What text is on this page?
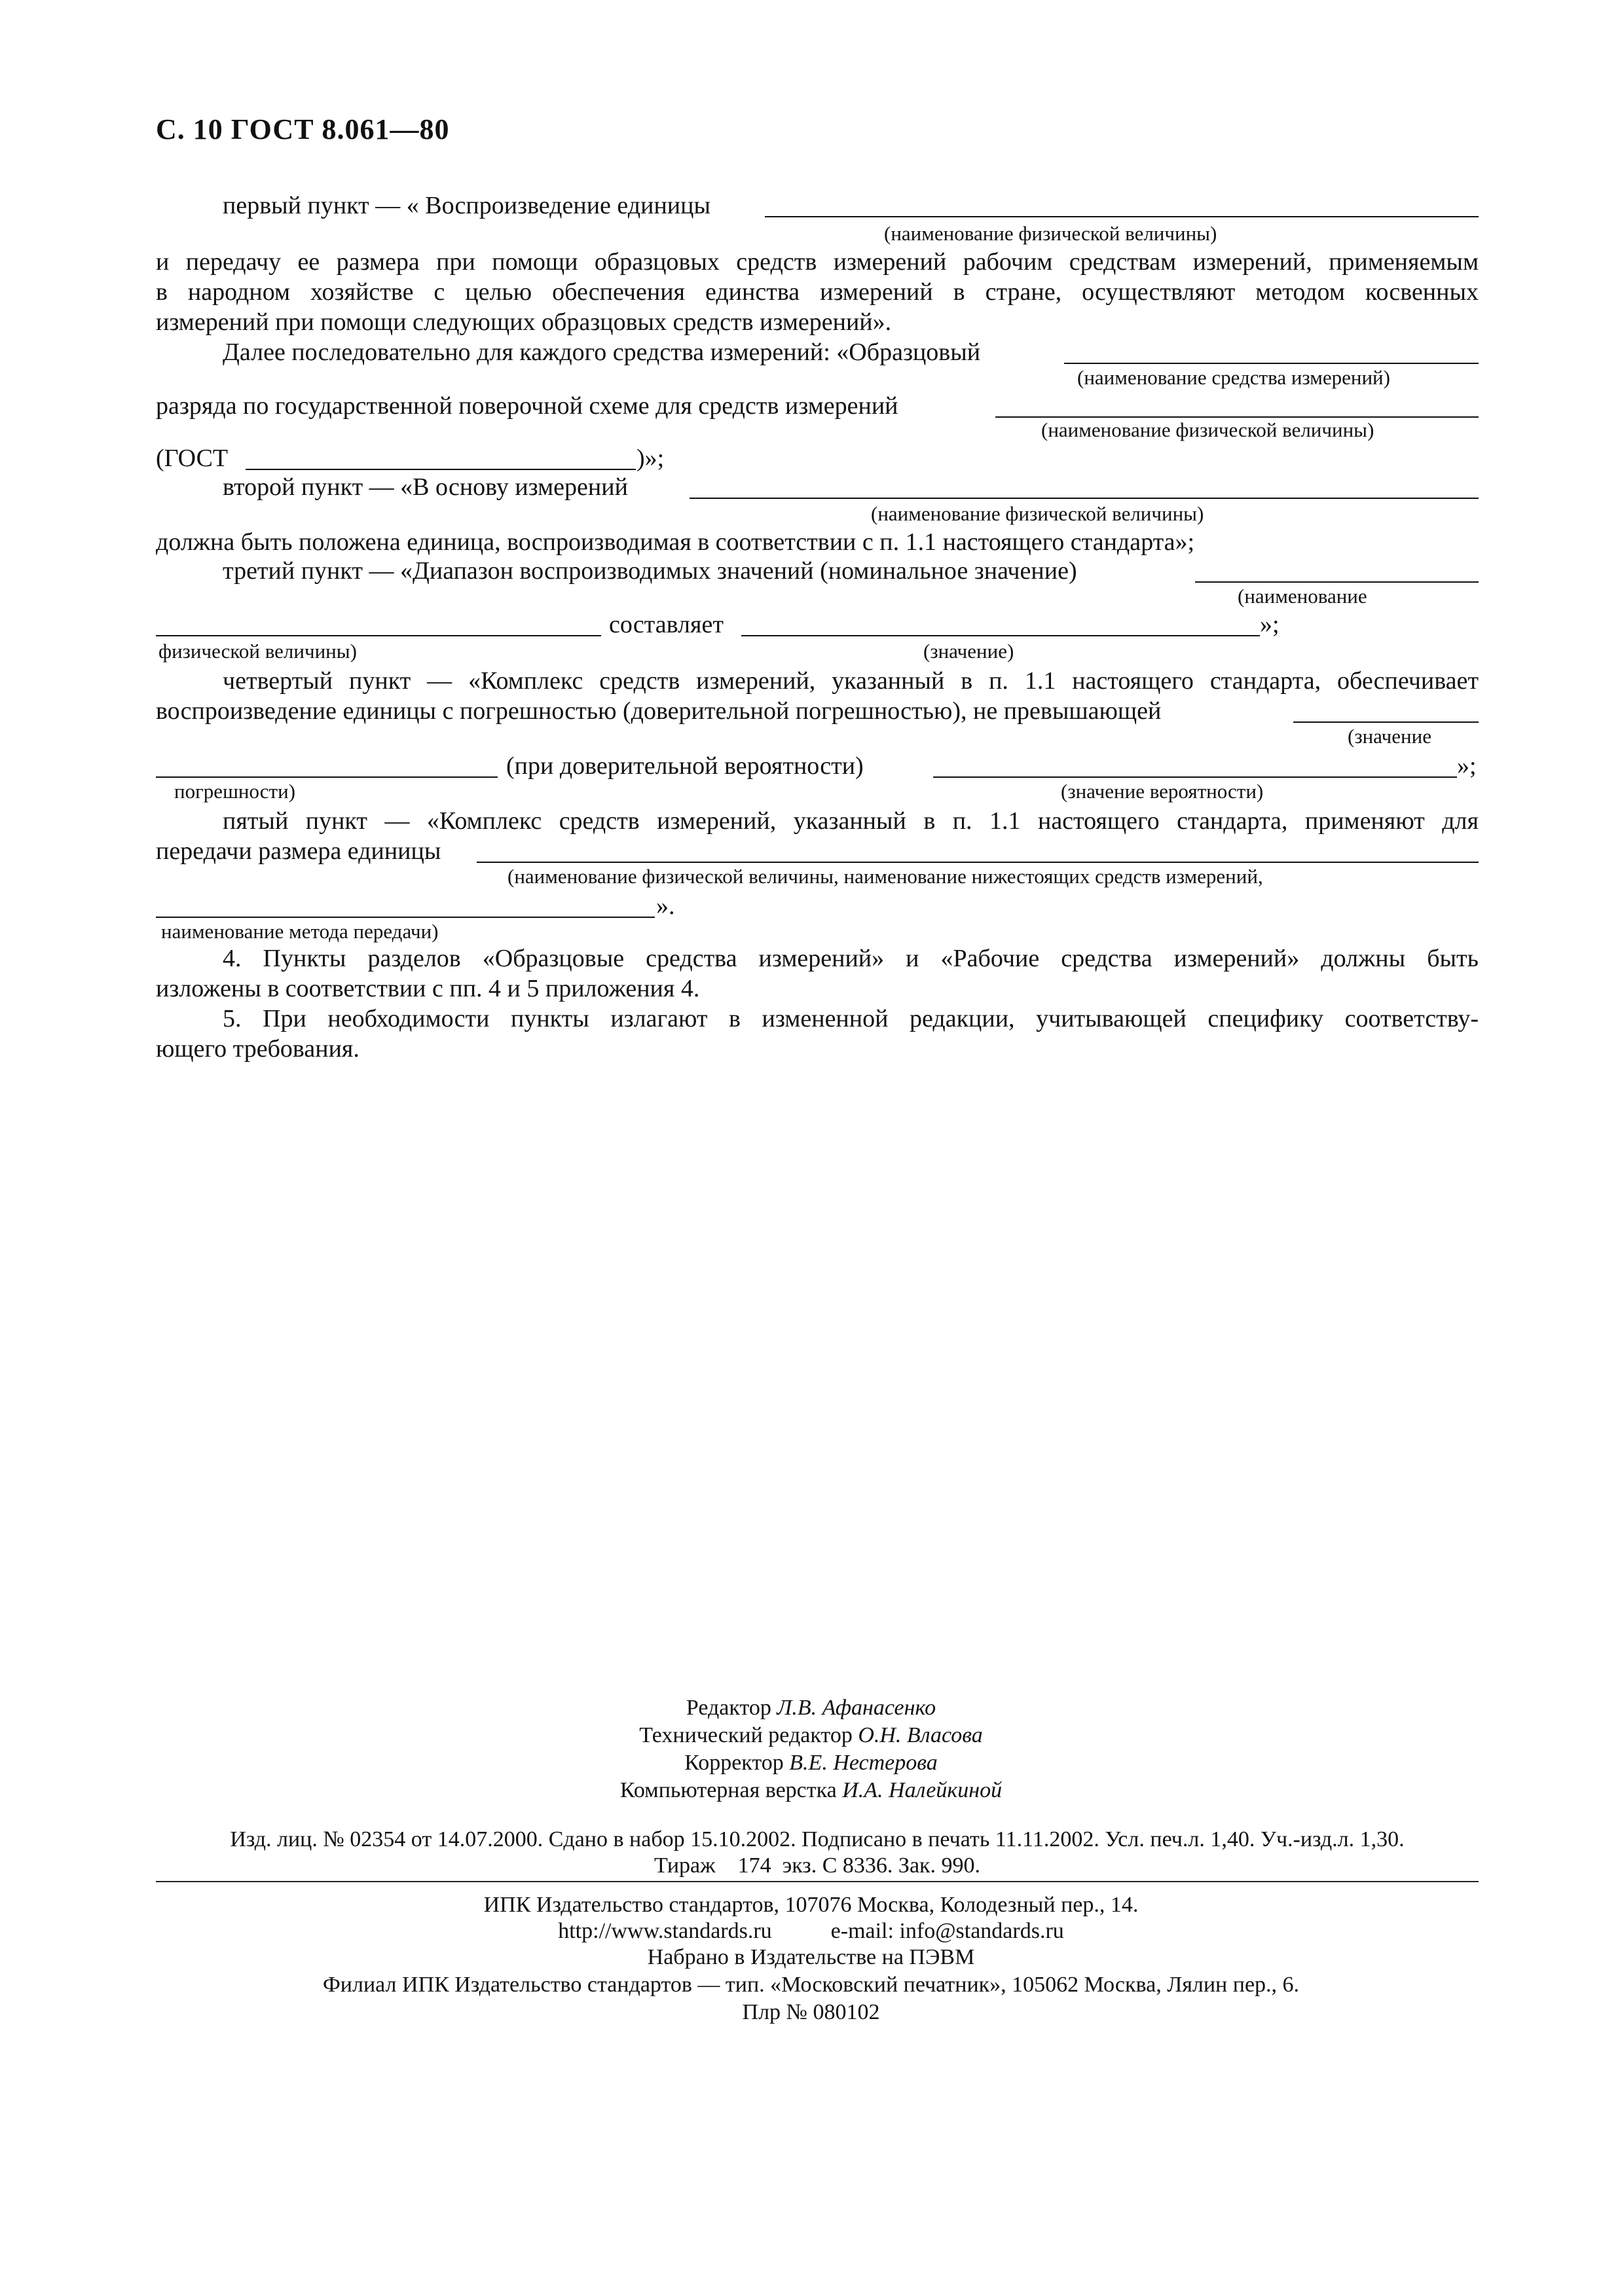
С. 10 ГОСТ 8.061—80
первый пункт — « Воспроизведение единицы
(наименование физической величины)
и передачу ее размера при помощи образцовых средств измерений рабочим средствам измерений, применяемым
в народном хозяйстве с целью обеспечения единства измерений в стране, осуществляют методом косвенных
измерений при помощи следующих образцовых средств измерений».
Далее последовательно для каждого средства измерений: «Образцовый
(наименование средства измерений)
разряда по государственной поверочной схеме для средств измерений
(наименование физической величины)
(ГОСТ	)»;
второй пункт — «В основу измерений
(наименование физической величины)
должна быть положена единица, воспроизводимая в соответствии с п. 1.1 настоящего стандарта»;
третий пункт — «Диапазон воспроизводимых значений (номинальное значение)
(наименование
составляет	»;
физической величины)	(значение)
четвертый пункт — «Комплекс средств измерений, указанный в п. 1.1 настоящего стандарта, обеспечивает
воспроизведение единицы с погрешностью (доверительной погрешностью), не превышающей
(значение
(при доверительной вероятности)	»;
погрешности)	(значение вероятности)
пятый пункт — «Комплекс средств измерений, указанный в п. 1.1 настоящего стандарта, применяют для
передачи размера единицы
(наименование физической величины, наименование нижестоящих средств измерений,
».
наименование метода передачи)
4. Пункты разделов «Образцовые средства измерений» и «Рабочие средства измерений» должны быть
изложены в соответствии с пп. 4 и 5 приложения 4.
5. При необходимости пункты излагают в измененной редакции, учитывающей специфику соответству-
ющего требования.
Редактор Л.В. Афанасенко
Технический редактор О.Н. Власова
Корректор В.Е. Нестерова
Компьютерная верстка И.А. Налейкиной
Изд. лиц. № 02354 от 14.07.2000. Сдано в набор 15.10.2002. Подписано в печать 11.11.2002. Усл. печ.л. 1,40. Уч.-изд.л. 1,30.
Тираж    174  экз. С 8336. Зак. 990.
ИПК Издательство стандартов, 107076 Москва, Колодезный пер., 14.
http://www.standards.ru	e-mail: info@standards.ru
Набрано в Издательстве на ПЭВМ
Филиал ИПК Издательство стандартов — тип. «Московский печатник», 105062 Москва, Лялин пер., 6.
Плр № 080102
